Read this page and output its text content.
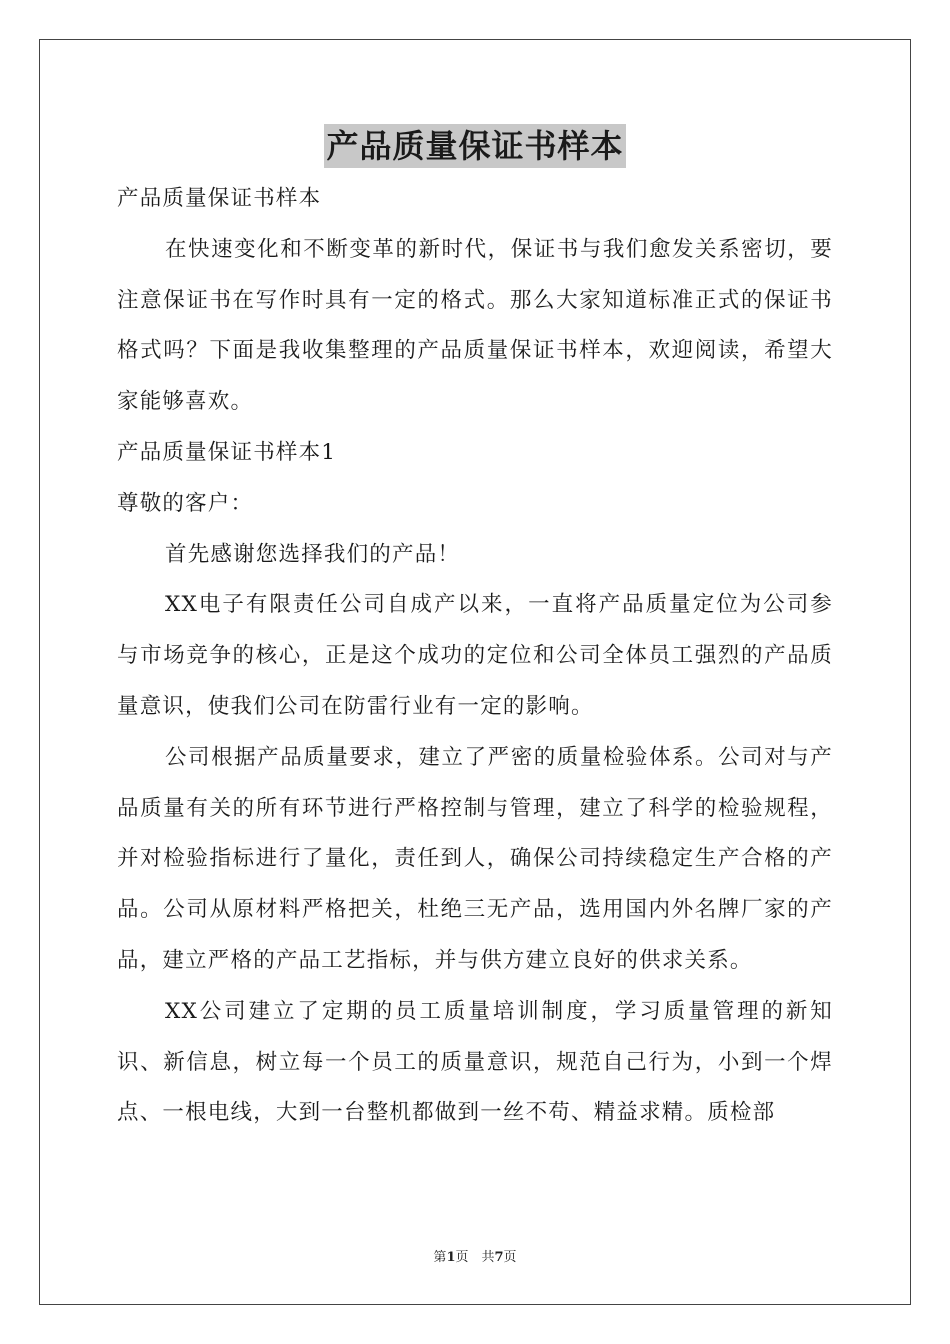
产品质量保证书样本

产品质量保证书样本

在快速变化和不断变革的新时代，保证书与我们愈发关系密切，要注意保证书在写作时具有一定的格式。那么大家知道标准正式的保证书格式吗？下面是我收集整理的产品质量保证书样本，欢迎阅读，希望大家能够喜欢。

产品质量保证书样本1

尊敬的客户：

首先感谢您选择我们的产品！

XX电子有限责任公司自成产以来，一直将产品质量定位为公司参与市场竞争的核心，正是这个成功的定位和公司全体员工强烈的产品质量意识，使我们公司在防雷行业有一定的影响。

公司根据产品质量要求，建立了严密的质量检验体系。公司对与产品质量有关的所有环节进行严格控制与管理，建立了科学的检验规程，并对检验指标进行了量化，责任到人，确保公司持续稳定生产合格的产品。公司从原材料严格把关，杜绝三无产品，选用国内外名牌厂家的产品，建立严格的产品工艺指标，并与供方建立良好的供求关系。

XX公司建立了定期的员工质量培训制度，学习质量管理的新知识、新信息，树立每一个员工的质量意识，规范自己行为，小到一个焊点、一根电线，大到一台整机都做到一丝不苟、精益求精。质检部

第1页　共7页
